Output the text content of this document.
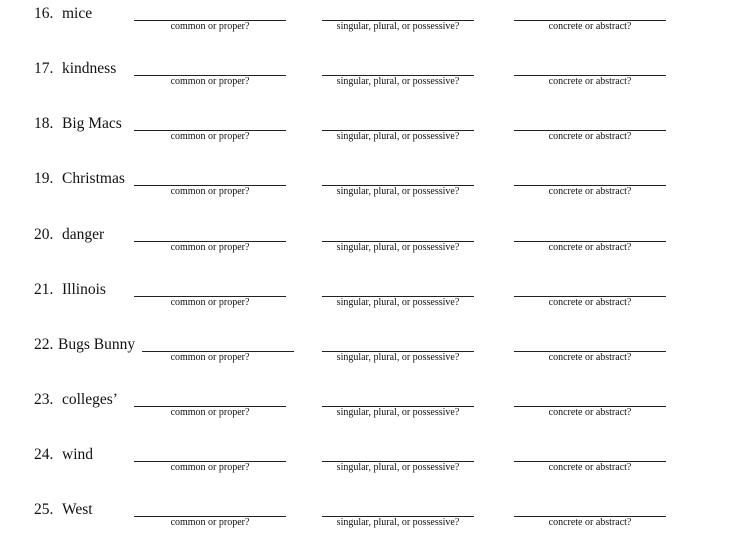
16. mice
common or proper?	singular, plural, or possessive?	concrete or abstract?
17. kindness
common or proper?	singular, plural, or possessive?	concrete or abstract?
18. Big Macs
common or proper?	singular, plural, or possessive?	concrete or abstract?
19. Christmas
common or proper?	singular, plural, or possessive?	concrete or abstract?
20. danger
common or proper?	singular, plural, or possessive?	concrete or abstract?
21. Illinois
common or proper?	singular, plural, or possessive?	concrete or abstract?
22. Bugs Bunny
common or proper?	singular, plural, or possessive?	concrete or abstract?
23. colleges’
common or proper?	singular, plural, or possessive?	concrete or abstract?
24. wind
common or proper?	singular, plural, or possessive?	concrete or abstract?
25. West
common or proper?	singular, plural, or possessive?	concrete or abstract?
